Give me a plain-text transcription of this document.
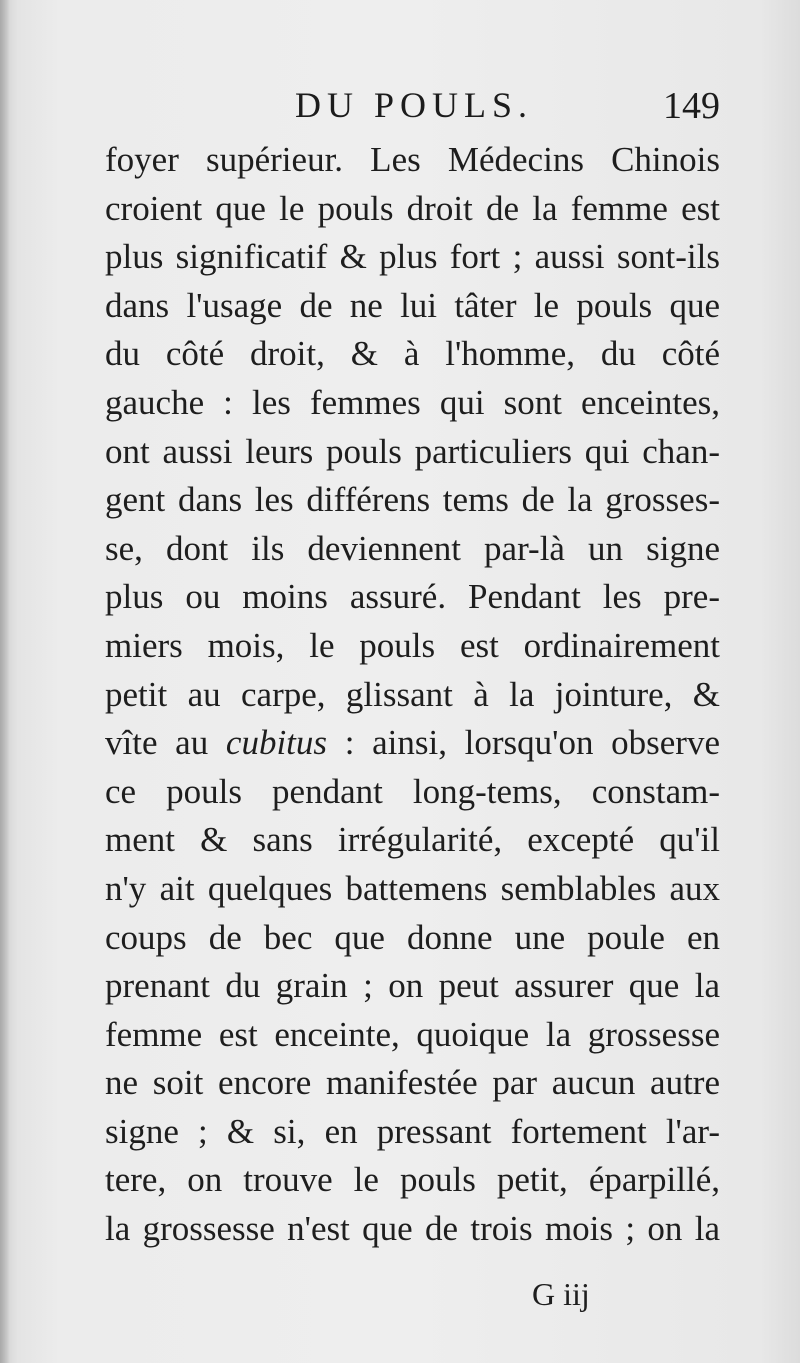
DU POULS.	149
foyer supérieur. Les Médecins Chinois
croient que le pouls droit de la femme est
plus significatif & plus fort ; aussi sont-ils
dans l'usage de ne lui tâter le pouls que
du côté droit, & à l'homme, du côté
gauche : les femmes qui sont enceintes,
ont aussi leurs pouls particuliers qui chan-
gent dans les différens tems de la grosses-
se, dont ils deviennent par-là un signe
plus ou moins assuré. Pendant les pre-
miers mois, le pouls est ordinairement
petit au carpe, glissant à la jointure, &
vîte au cubitus : ainsi, lorsqu'on observe
ce pouls pendant long-tems, constam-
ment & sans irrégularité, excepté qu'il
n'y ait quelques battemens semblables aux
coups de bec que donne une poule en
prenant du grain ; on peut assurer que la
femme est enceinte, quoique la grossesse
ne soit encore manifestée par aucun autre
signe ; & si, en pressant fortement l'ar-
tere, on trouve le pouls petit, éparpillé,
la grossesse n'est que de trois mois ; on la
G iij
